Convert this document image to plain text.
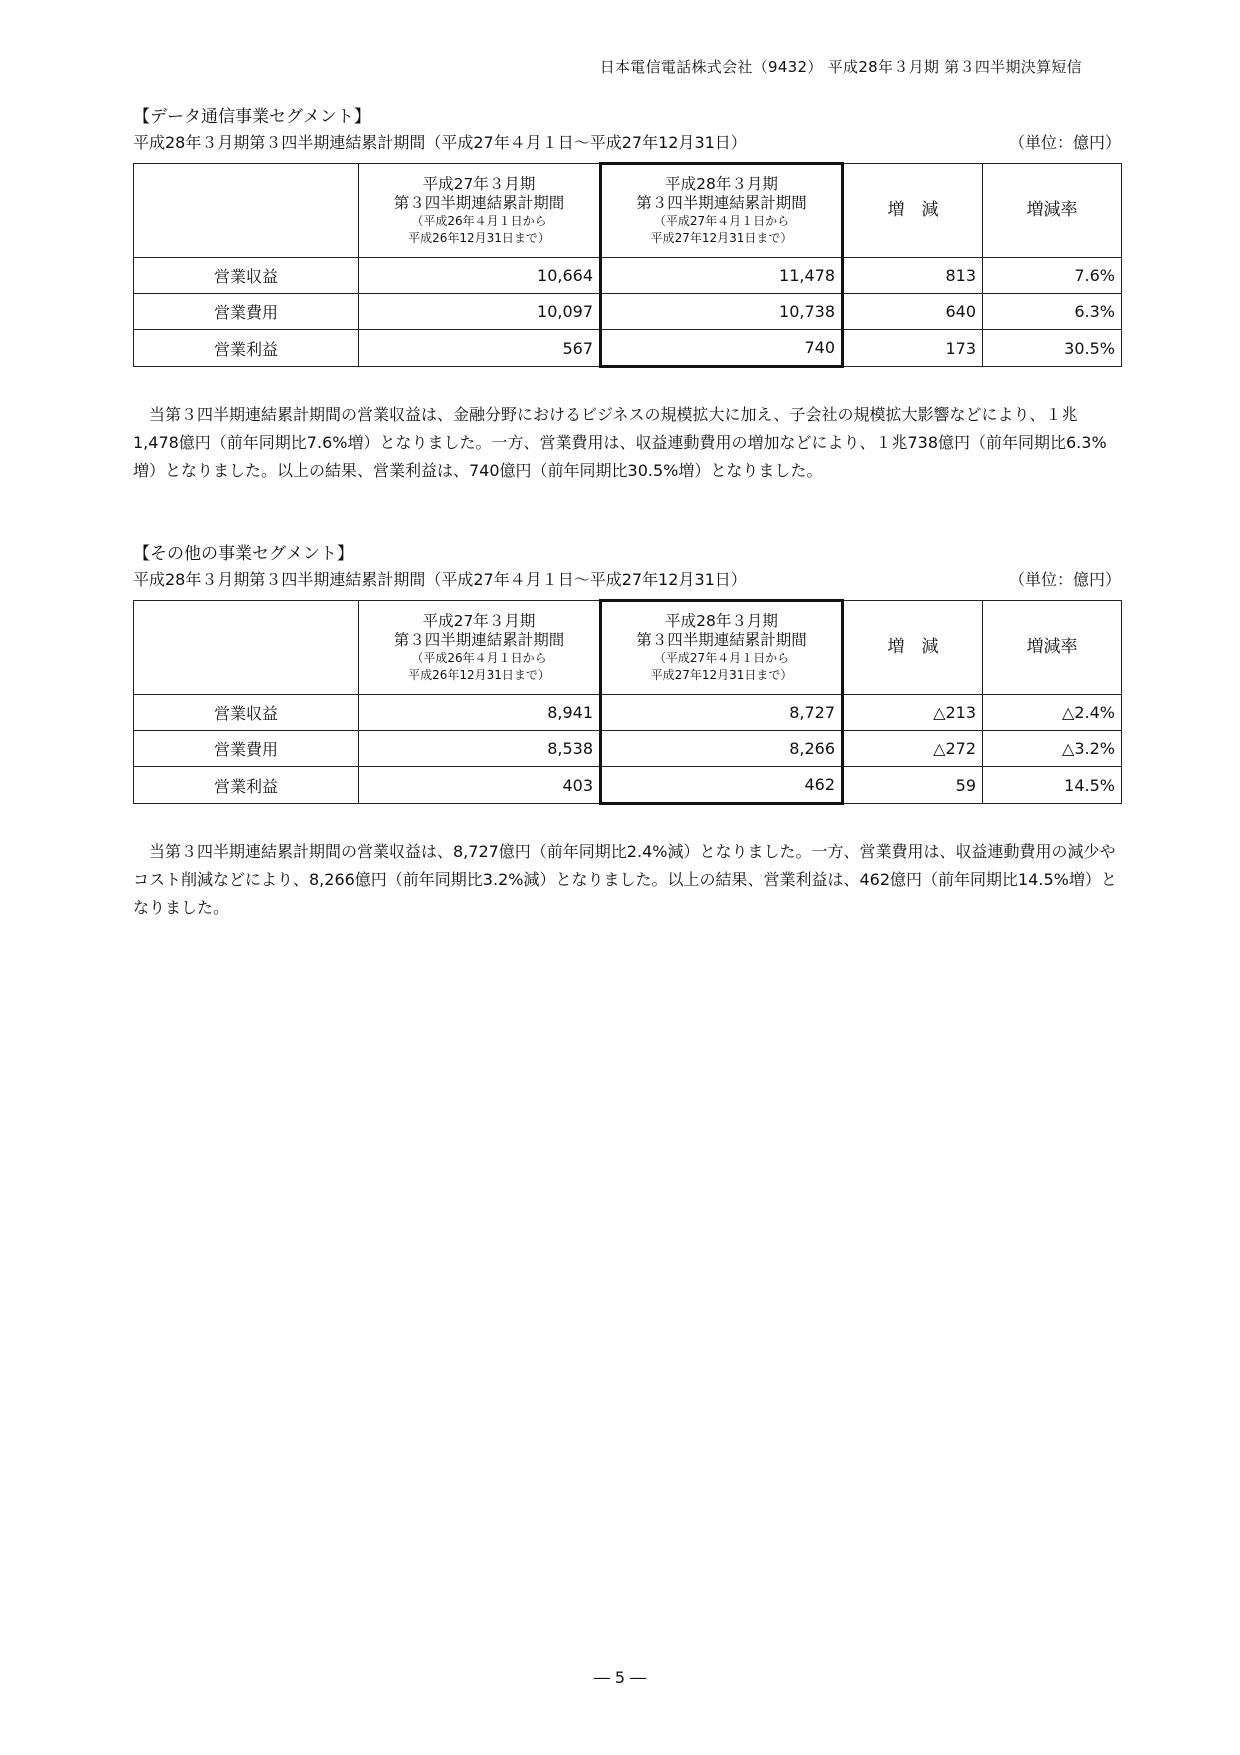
日本電信電話株式会社（9432） 平成28年３月期 第３四半期決算短信
【データ通信事業セグメント】
平成28年３月期第３四半期連結累計期間（平成27年４月１日～平成27年12月31日）	（単位：億円）

	平成27年３月期
第３四半期連結累計期間
（平成26年４月１日から
平成26年12月31日まで）	平成28年３月期
第３四半期連結累計期間
（平成27年４月１日から
平成27年12月31日まで）	増　減	増減率
営業収益	10,664	11,478	813	7.6%
営業費用	10,097	10,738	640	6.3%
営業利益	567	740	173	30.5%

当第３四半期連結累計期間の営業収益は、金融分野におけるビジネスの規模拡大に加え、子会社の規模拡大影響などにより、１兆1,478億円（前年同期比7.6%増）となりました。一方、営業費用は、収益連動費用の増加などにより、１兆738億円（前年同期比6.3%増）となりました。以上の結果、営業利益は、740億円（前年同期比30.5%増）となりました。

【その他の事業セグメント】
平成28年３月期第３四半期連結累計期間（平成27年４月１日～平成27年12月31日）	（単位：億円）

	平成27年３月期
第３四半期連結累計期間
（平成26年４月１日から
平成26年12月31日まで）	平成28年３月期
第３四半期連結累計期間
（平成27年４月１日から
平成27年12月31日まで）	増　減	増減率
営業収益	8,941	8,727	△213	△2.4%
営業費用	8,538	8,266	△272	△3.2%
営業利益	403	462	59	14.5%

当第３四半期連結累計期間の営業収益は、8,727億円（前年同期比2.4%減）となりました。一方、営業費用は、収益連動費用の減少やコスト削減などにより、8,266億円（前年同期比3.2%減）となりました。以上の結果、営業利益は、462億円（前年同期比14.5%増）となりました。

― 5 ―
